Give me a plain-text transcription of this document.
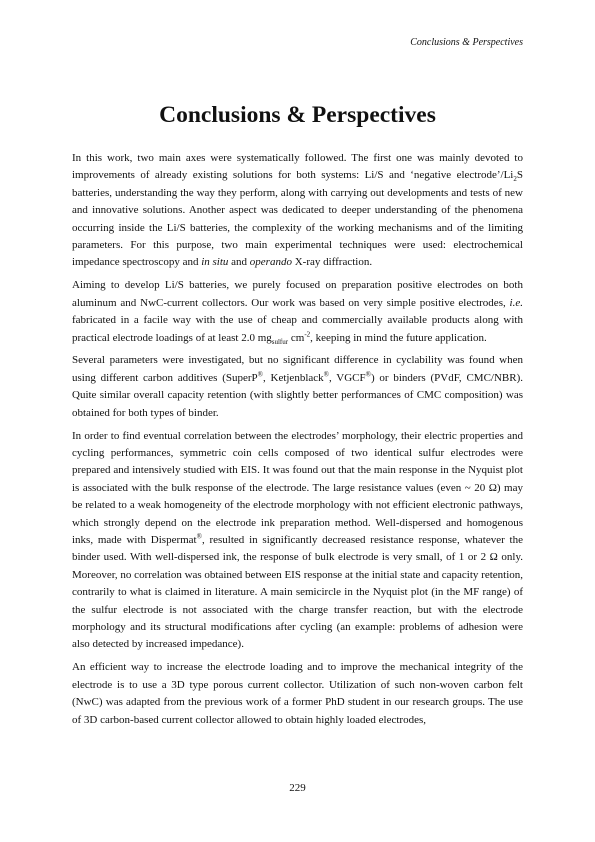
Conclusions & Perspectives
Conclusions & Perspectives

In this work, two main axes were systematically followed. The first one was mainly devoted to improvements of already existing solutions for both systems: Li/S and ‘negative $electrode’/Li_2S$ batteries, understanding the way they perform, along with carrying out developments and tests of new and innovative solutions. Another aspect was dedicated to deeper understanding of the phenomena occurring inside the Li/S batteries, the complexity of the working mechanisms and of the limiting parameters. For this purpose, two main experimental techniques were used: electrochemical impedance spectroscopy and in situ and operando X-ray diffraction.

Aiming to develop Li/S batteries, we purely focused on preparation positive electrodes on both aluminum and NwC-current collectors. Our work was based on very simple positive electrodes, i.e. fabricated in a facile way with the use of cheap and commercially available products along with practical electrode loadings of at least 2.0 $mg_{sulfur}$ $cm^{-2}$, keeping in mind the future application.

Several parameters were investigated, but no significant difference in cyclability was found when using different carbon additives (SuperP®, Ketjenblack®, VGCF®) or binders (PVdF, CMC/NBR). Quite similar overall capacity retention (with slightly better performances of CMC composition) was obtained for both types of binder.

In order to find eventual correlation between the electrodes’ morphology, their electric properties and cycling performances, symmetric coin cells composed of two identical sulfur electrodes were prepared and intensively studied with EIS. It was found out that the main response in the Nyquist plot is associated with the bulk response of the electrode. The large resistance values (even ~ 20 Ω) may be related to a weak homogeneity of the electrode morphology with not efficient electronic pathways, which strongly depend on the electrode ink preparation method. Well-dispersed and homogenous inks, made with Dispermat®, resulted in significantly decreased resistance response, whatever the binder used. With well-dispersed ink, the response of bulk electrode is very small, of 1 or 2 Ω only. Moreover, no correlation was obtained between EIS response at the initial state and capacity retention, contrarily to what is claimed in literature. A main semicircle in the Nyquist plot (in the MF range) of the sulfur electrode is not associated with the charge transfer reaction, but with the electrode morphology and its structural modifications after cycling (an example: problems of adhesion were also detected by increased impedance).

An efficient way to increase the electrode loading and to improve the mechanical integrity of the electrode is to use a 3D type porous current collector. Utilization of such non-woven carbon felt (NwC) was adapted from the previous work of a former PhD student in our research groups. The use of 3D carbon-based current collector allowed to obtain highly loaded electrodes,

229
